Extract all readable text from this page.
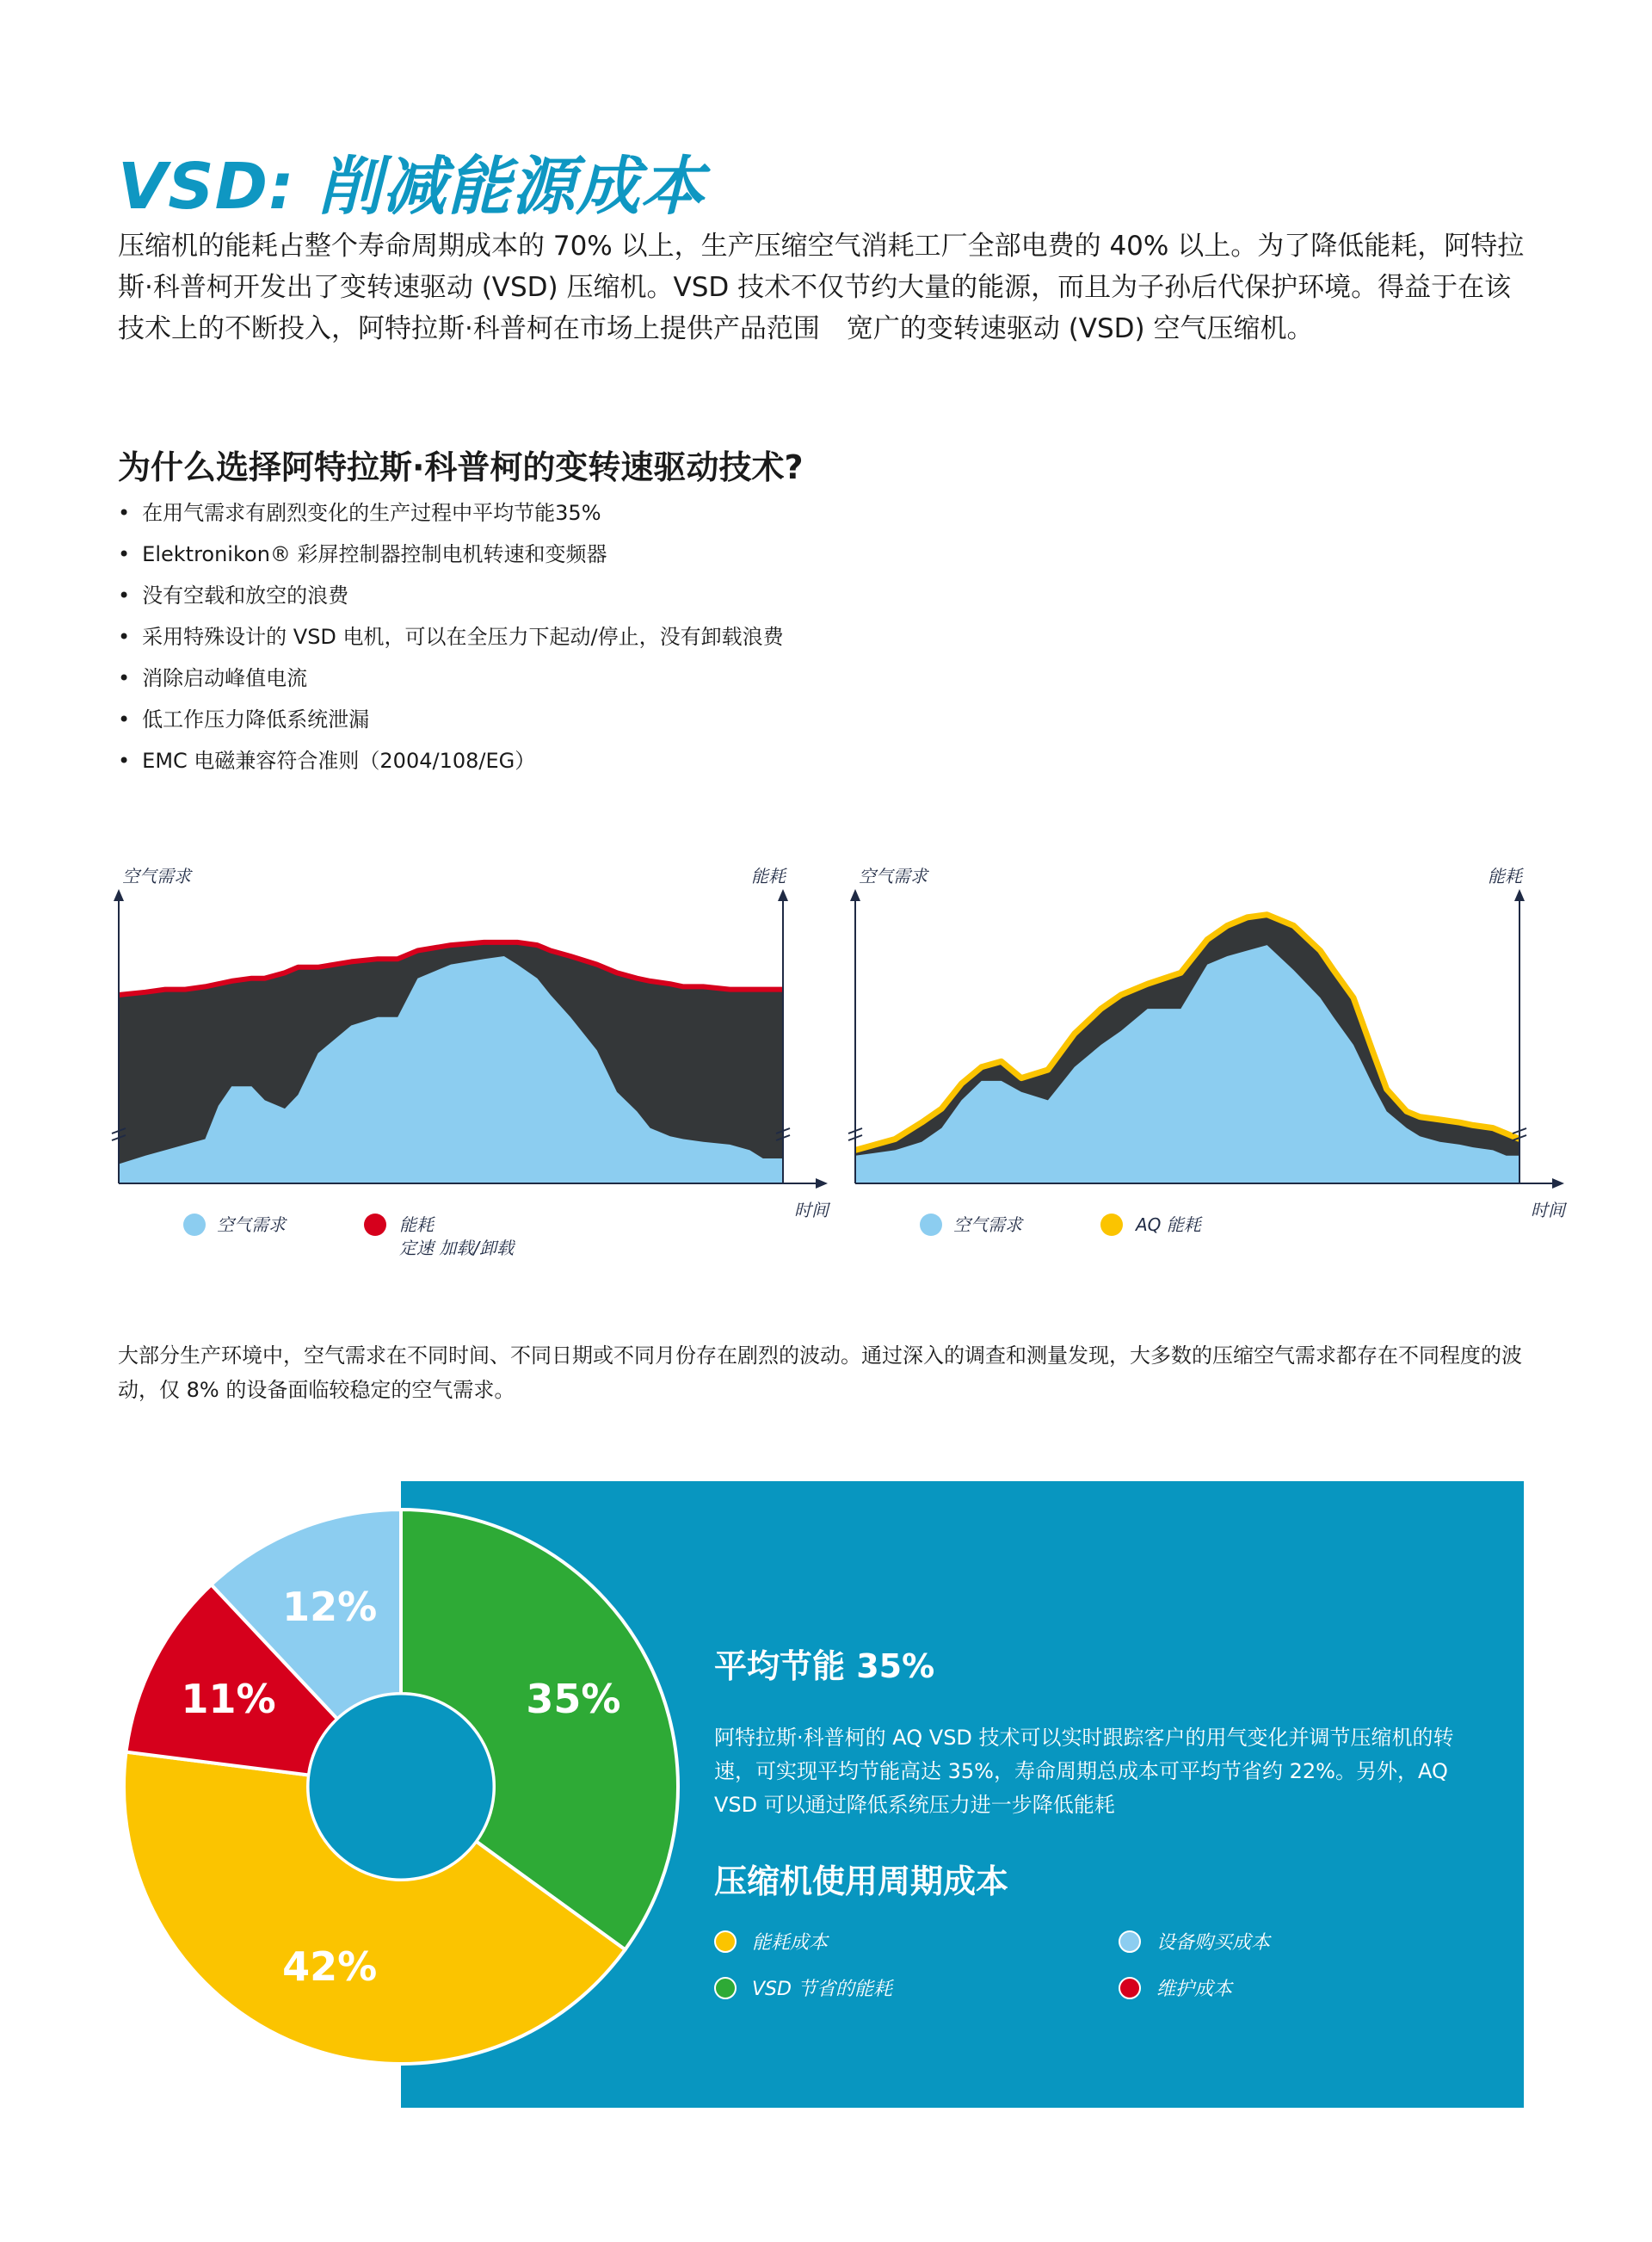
VSD: 削减能源成本

压缩机的能耗占整个寿命周期成本的 70% 以上，生产压缩空气消耗工厂全部电费的 40% 以上。为了降低能耗，阿特拉斯·科普柯开发出了变转速驱动 (VSD) 压缩机。VSD 技术不仅节约大量的能源，而且为子孙后代保护环境。得益于在该技术上的不断投入，阿特拉斯·科普柯在市场上提供产品范围　宽广的变转速驱动 (VSD) 空气压缩机。

为什么选择阿特拉斯·科普柯的变转速驱动技术?
• 在用气需求有剧烈变化的生产过程中平均节能35%
• Elektronikon® 彩屏控制器控制电机转速和变频器
• 没有空载和放空的浪费
• 采用特殊设计的 VSD 电机，可以在全压力下起动/停止，没有卸载浪费
• 消除启动峰值电流
• 低工作压力降低系统泄漏
• EMC 电磁兼容符合准则（2004/108/EG）
空气需求	能耗
时间
空气需求	能耗
定速 加载/卸载
空气需求	能耗
时间
空气需求	AQ 能耗

大部分生产环境中，空气需求在不同时间、不同日期或不同月份存在剧烈的波动。通过深入的调查和测量发现，大多数的压缩空气需求都存在不同程度的波动，仅 8% 的设备面临较稳定的空气需求。

35%
42%
11%
12%
平均节能 35%

阿特拉斯·科普柯的 AQ VSD 技术可以实时跟踪客户的用气变化并调节压缩机的转速，可实现平均节能高达 35%，寿命周期总成本可平均节省约 22%。另外，AQ VSD 可以通过降低系统压力进一步降低能耗

压缩机使用周期成本
能耗成本	设备购买成本
VSD 节省的能耗	维护成本
